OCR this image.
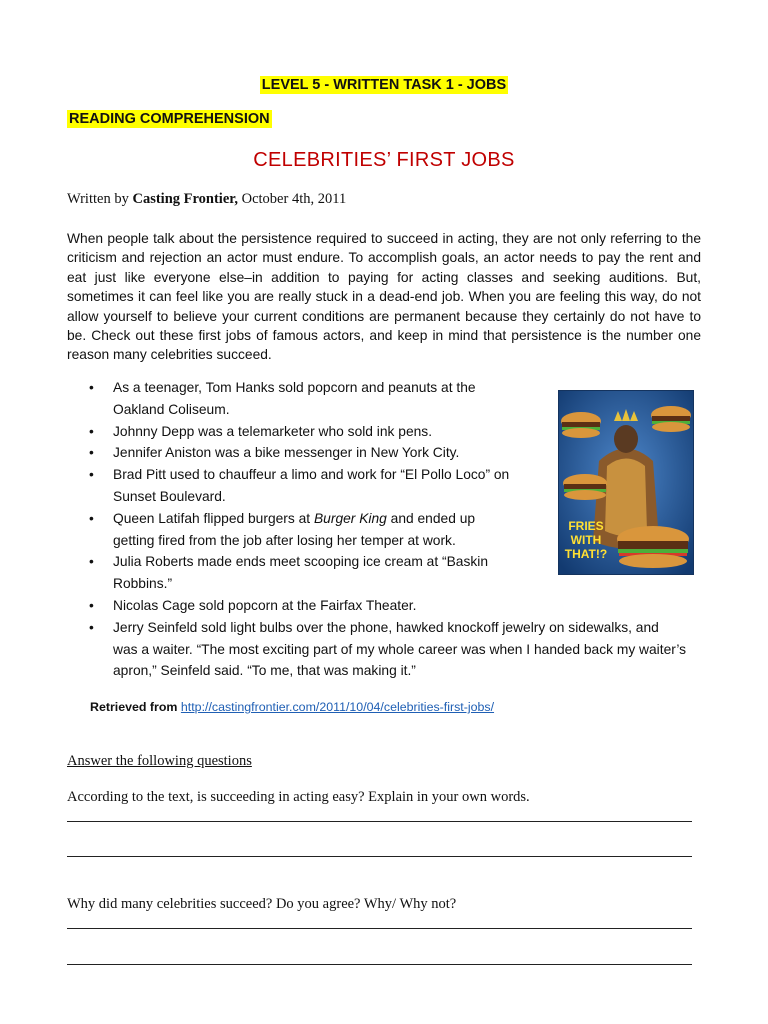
LEVEL 5 - WRITTEN TASK 1 - JOBS
READING COMPREHENSION
CELEBRITIES’ FIRST JOBS
Written by Casting Frontier, October 4th, 2011

When people talk about the persistence required to succeed in acting, they are not only referring to the criticism and rejection an actor must endure. To accomplish goals, an actor needs to pay the rent and eat just like everyone else–in addition to paying for acting classes and seeking auditions. But, sometimes it can feel like you are really stuck in a dead-end job. When you are feeling this way, do not allow yourself to believe your current conditions are permanent because they certainly do not have to be. Check out these first jobs of famous actors, and keep in mind that persistence is the number one reason many celebrities succeed.

• As a teenager, Tom Hanks sold popcorn and peanuts at the Oakland Coliseum.
• Johnny Depp was a telemarketer who sold ink pens.
• Jennifer Aniston was a bike messenger in New York City.
• Brad Pitt used to chauffeur a limo and work for “El Pollo Loco” on Sunset Boulevard.
• Queen Latifah flipped burgers at Burger King and ended up getting fired from the job after losing her temper at work.
• Julia Roberts made ends meet scooping ice cream at “Baskin Robbins.”
• Nicolas Cage sold popcorn at the Fairfax Theater.
• Jerry Seinfeld sold light bulbs over the phone, hawked knockoff jewelry on sidewalks, and was a waiter. “The most exciting part of my whole career was when I handed back my waiter’s apron,” Seinfeld said. “To me, that was making it.”
FRIES WITH THAT!?
Retrieved from http://castingfrontier.com/2011/10/04/celebrities-first-jobs/
Answer the following questions
According to the text, is succeeding in acting easy? Explain in your own words.
Why did many celebrities succeed? Do you agree? Why/ Why not?
